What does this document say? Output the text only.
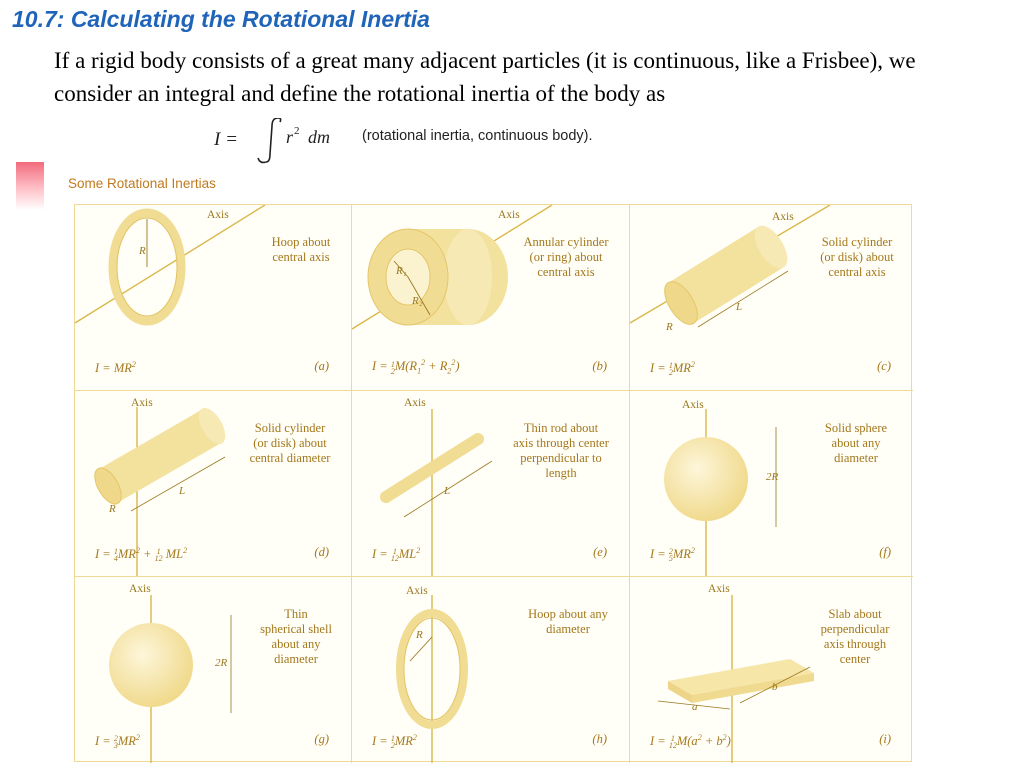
10.7: Calculating the Rotational Inertia
If a rigid body consists of a great many adjacent particles (it is continuous, like a Frisbee), we consider an integral and define the rotational inertia of the body as
I =	r 2 dm (rotational inertia, continuous body).
Some Rotational Inertias
Axis
R
Hoop about
central axis
$I = MR^2$	(a)
Axis
R₁
R₂
Annular cylinder
(or ring) about
central axis
I = 1
$2M(R_1^2 + R_2^2)$	(b)
Axis
R
L
Solid cylinder
(or disk) about
central axis
I = 1
$2MR^2$	(c)
Axis
R
L
Solid cylinder
(or disk) about
central diameter
I = 1
$4MR^2 + 1$
12 $ML^2$	(d)
Axis
L
Thin rod about
axis through center
perpendicular to
length
I = 1
$12ML^2$	(e)
Axis
2R
Solid sphere
about any
diameter
I = 2
$5MR^2$	(f)
Axis
2R
Thin
spherical shell
about any
diameter
I = 2
$3MR^2$	(g)
Axis
R
Hoop about any
diameter
I = 1
$2MR^2$	(h)
Axis
a
b
Slab about
perpendicular
axis through
center
I = 1
$12M(a^2 + b^2)$	(i)
